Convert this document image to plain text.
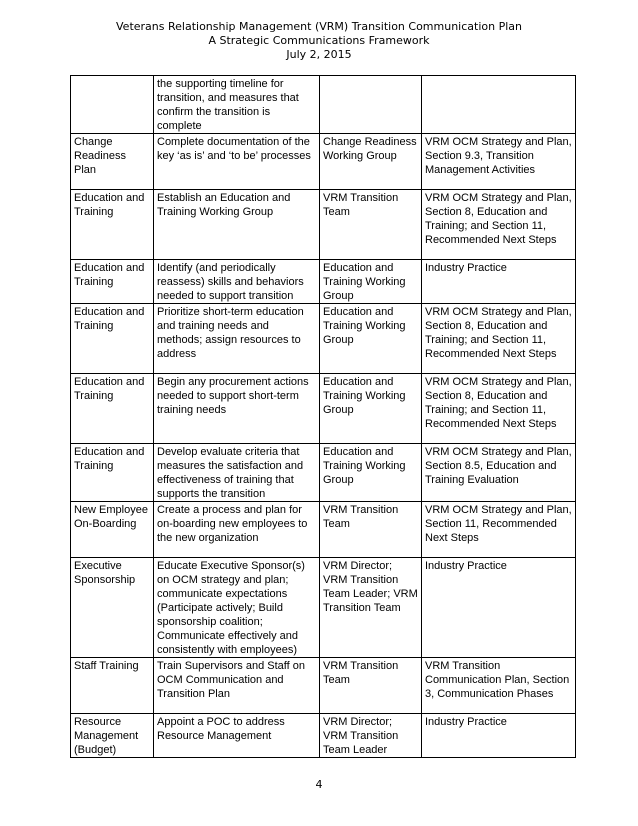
Veterans Relationship Management (VRM) Transition Communication Plan
A Strategic Communications Framework
July 2, 2015
	the supporting timeline for transition, and measures that confirm the transition is complete		
Change Readiness Plan	Complete documentation of the key ‘as is’ and ‘to be’ processes	Change Readiness Working Group	VRM OCM Strategy and Plan, Section 9.3, Transition Management Activities
Education and Training	Establish an Education and Training Working Group	VRM Transition Team	VRM OCM Strategy and Plan, Section 8, Education and Training; and Section 11, Recommended Next Steps
Education and Training	Identify (and periodically reassess) skills and behaviors needed to support transition	Education and Training Working Group	Industry Practice
Education and Training	Prioritize short-term education and training needs and methods; assign resources to address	Education and Training Working Group	VRM OCM Strategy and Plan, Section 8, Education and Training; and Section 11, Recommended Next Steps
Education and Training	Begin any procurement actions needed to support short-term training needs	Education and Training Working Group	VRM OCM Strategy and Plan, Section 8, Education and Training; and Section 11, Recommended Next Steps
Education and Training	Develop evaluate criteria that measures the satisfaction and effectiveness of training that supports the transition	Education and Training Working Group	VRM OCM Strategy and Plan, Section 8.5, Education and Training Evaluation
New Employee On-Boarding	Create a process and plan for on-boarding new employees to the new organization	VRM Transition Team	VRM OCM Strategy and Plan, Section 11, Recommended Next Steps
Executive Sponsorship	Educate Executive Sponsor(s) on OCM strategy and plan; communicate expectations (Participate actively; Build sponsorship coalition; Communicate effectively and consistently with employees)	VRM Director; VRM Transition Team Leader; VRM Transition Team	Industry Practice
Staff Training	Train Supervisors and Staff on OCM Communication and Transition Plan	VRM Transition Team	VRM Transition Communication Plan, Section 3, Communication Phases
Resource Management (Budget)	Appoint a POC to address Resource Management	VRM Director; VRM Transition Team Leader	Industry Practice
4
